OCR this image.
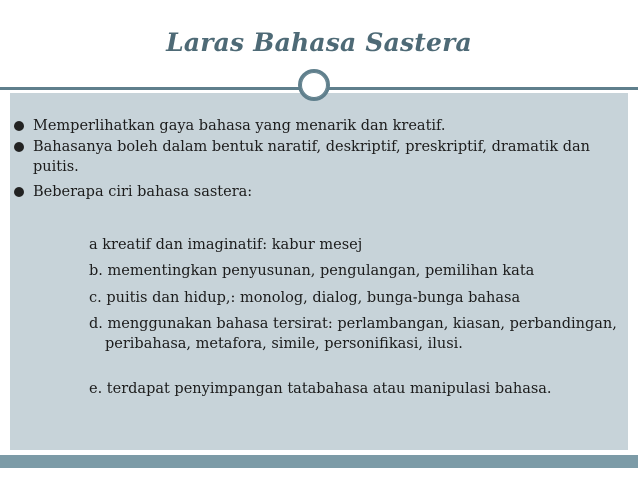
Laras Bahasa Sastera
Memperlihatkan gaya bahasa yang menarik dan kreatif.
Bahasanya boleh dalam bentuk naratif, deskriptif, preskriptif, dramatik dan puitis.
Beberapa ciri bahasa sastera:
a kreatif dan imaginatif: kabur mesej
b. mementingkan penyusunan, pengulangan, pemilihan kata
c. puitis dan hidup,: monolog, dialog, bunga-bunga bahasa
d. menggunakan bahasa tersirat: perlambangan, kiasan, perbandingan, peribahasa, metafora, simile, personifikasi, ilusi.
e. terdapat penyimpangan tatabahasa atau manipulasi bahasa.
